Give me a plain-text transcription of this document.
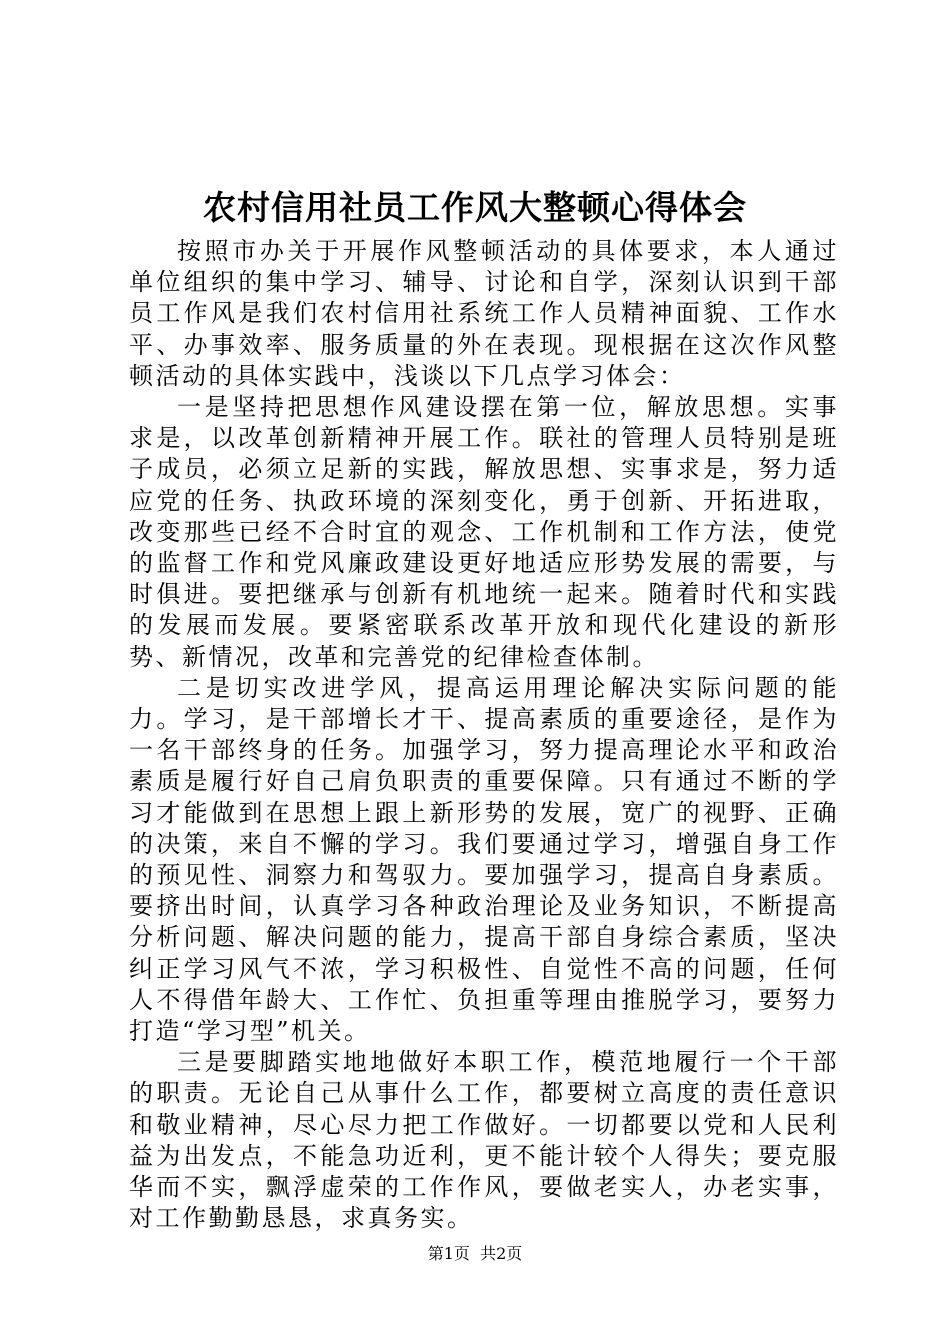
农村信用社员工作风大整顿心得体会

按照市办关于开展作风整顿活动的具体要求，本人通过单位组织的集中学习、辅导、讨论和自学，深刻认识到干部员工作风是我们农村信用社系统工作人员精神面貌、工作水平、办事效率、服务质量的外在表现。现根据在这次作风整顿活动的具体实践中，浅谈以下几点学习体会：

一是坚持把思想作风建设摆在第一位，解放思想。实事求是，以改革创新精神开展工作。联社的管理人员特别是班子成员，必须立足新的实践，解放思想、实事求是，努力适应党的任务、执政环境的深刻变化，勇于创新、开拓进取，改变那些已经不合时宜的观念、工作机制和工作方法，使党的监督工作和党风廉政建设更好地适应形势发展的需要，与时俱进。要把继承与创新有机地统一起来。随着时代和实践的发展而发展。要紧密联系改革开放和现代化建设的新形势、新情况，改革和完善党的纪律检查体制。

二是切实改进学风，提高运用理论解决实际问题的能力。学习，是干部增长才干、提高素质的重要途径，是作为一名干部终身的任务。加强学习，努力提高理论水平和政治素质是履行好自己肩负职责的重要保障。只有通过不断的学习才能做到在思想上跟上新形势的发展，宽广的视野、正确的决策，来自不懈的学习。我们要通过学习，增强自身工作的预见性、洞察力和驾驭力。要加强学习，提高自身素质。要挤出时间，认真学习各种政治理论及业务知识，不断提高分析问题、解决问题的能力，提高干部自身综合素质，坚决纠正学习风气不浓，学习积极性、自觉性不高的问题，任何人不得借年龄大、工作忙、负担重等理由推脱学习，要努力打造“学习型”机关。

三是要脚踏实地地做好本职工作，模范地履行一个干部的职责。无论自己从事什么工作，都要树立高度的责任意识和敬业精神，尽心尽力把工作做好。一切都要以党和人民利益为出发点，不能急功近利，更不能计较个人得失；要克服华而不实，飘浮虚荣的工作作风，要做老实人，办老实事，对工作勤勤恳恳，求真务实。

第1页  共2页
